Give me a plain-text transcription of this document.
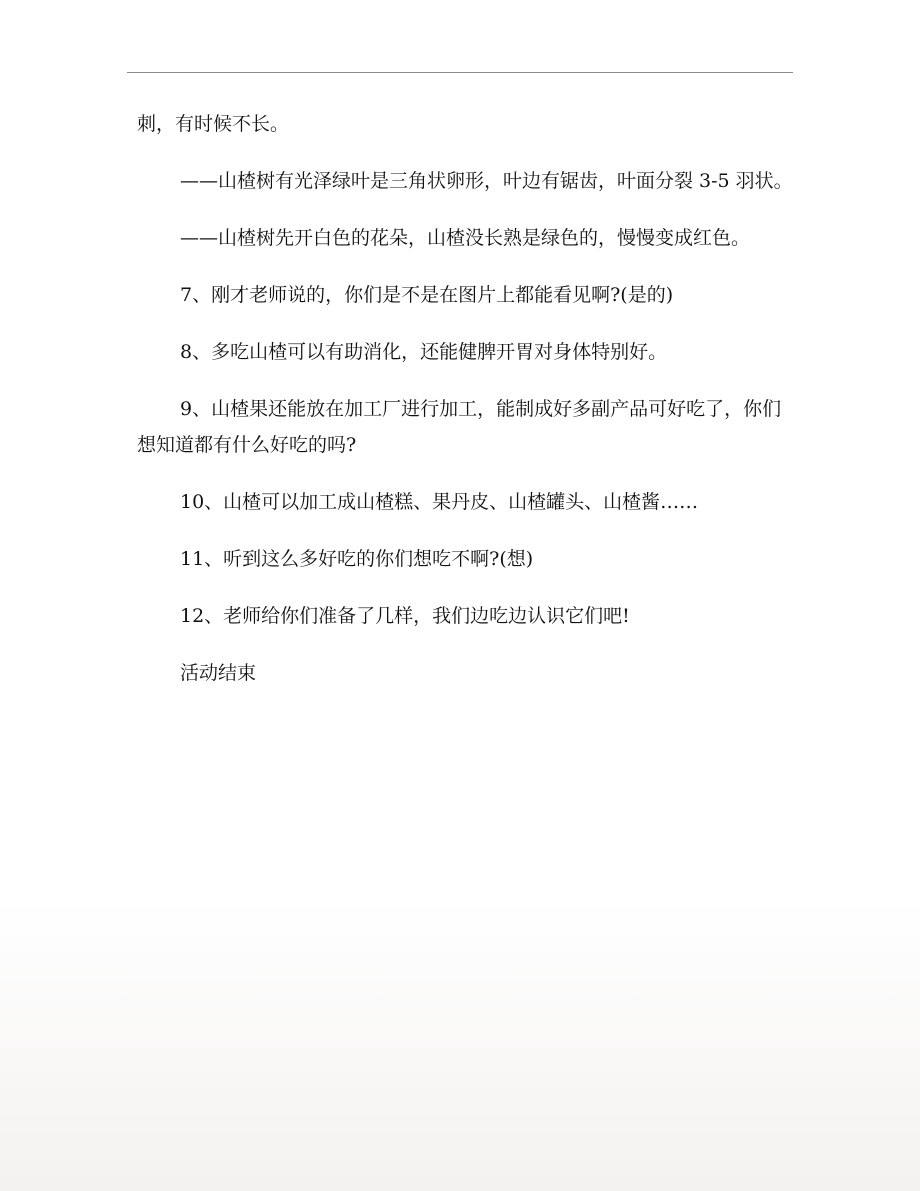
刺，有时候不长。

——山楂树有光泽绿叶是三角状卵形，叶边有锯齿，叶面分裂 3-5 羽状。

——山楂树先开白色的花朵，山楂没长熟是绿色的，慢慢变成红色。

7、刚才老师说的，你们是不是在图片上都能看见啊?(是的)

8、多吃山楂可以有助消化，还能健脾开胃对身体特别好。

9、山楂果还能放在加工厂进行加工，能制成好多副产品可好吃了，你们想知道都有什么好吃的吗?

10、山楂可以加工成山楂糕、果丹皮、山楂罐头、山楂酱……

11、听到这么多好吃的你们想吃不啊?(想)

12、老师给你们准备了几样，我们边吃边认识它们吧!

活动结束
